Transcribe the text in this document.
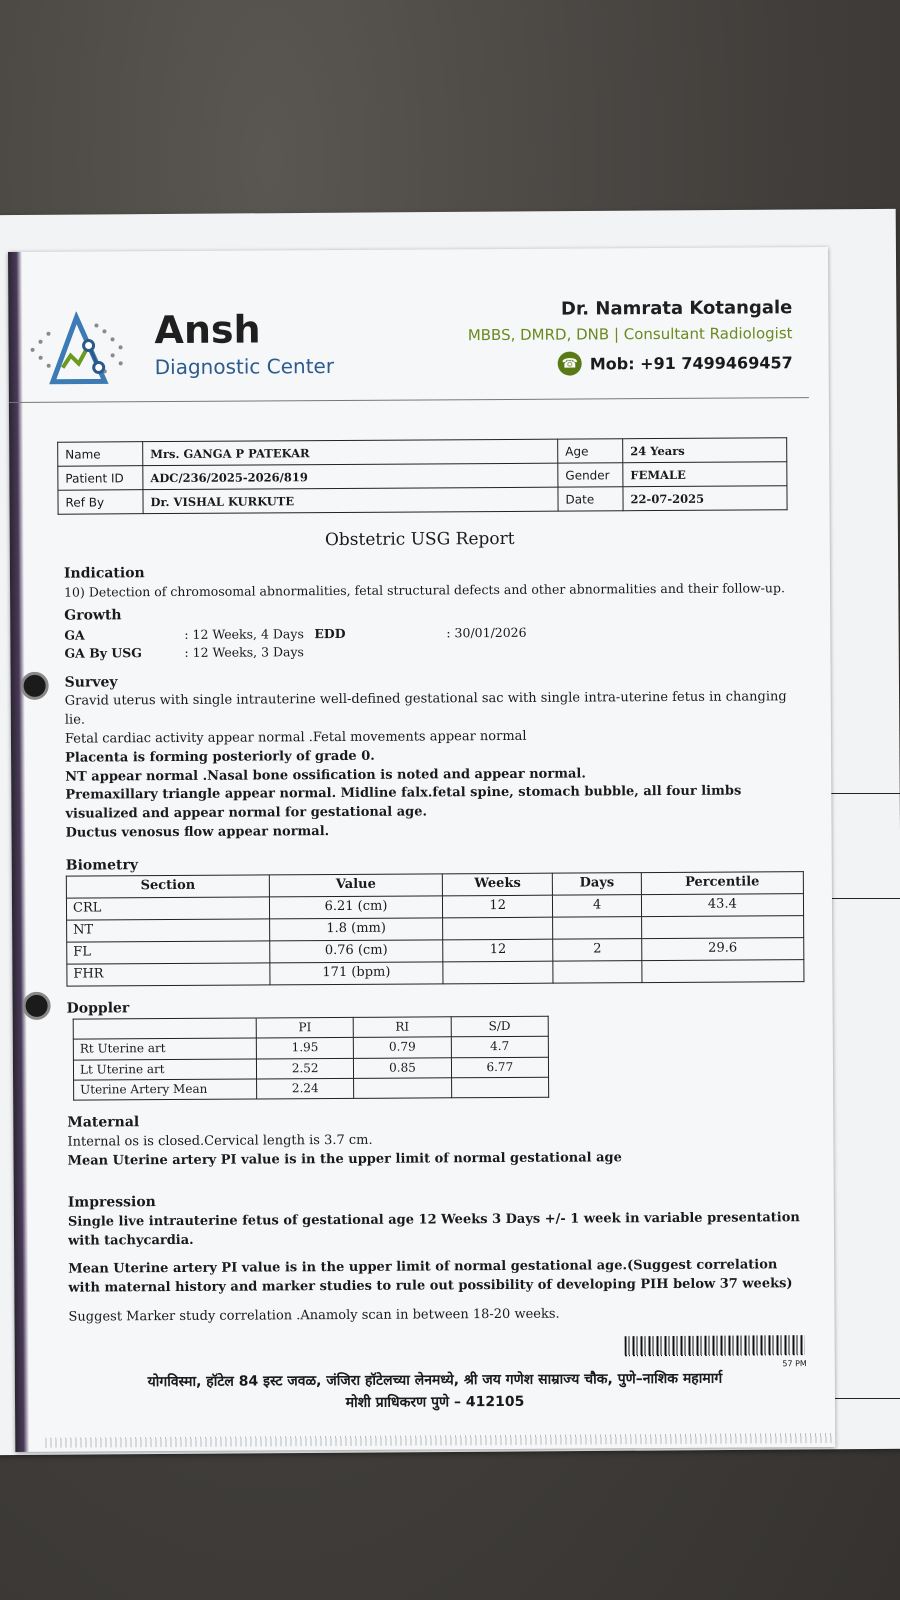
Ansh
Diagnostic Center
Dr. Namrata Kotangale
MBBS, DMRD, DNB | Consultant Radiologist
☎ Mob: +91 7499469457
Name	Mrs. GANGA P PATEKAR	Age	24 Years
Patient ID	ADC/236/2025-2026/819	Gender	FEMALE
Ref By	Dr. VISHAL KURKUTE	Date	22-07-2025
Obstetric USG Report
Indication
10) Detection of chromosomal abnormalities, fetal structural defects and other abnormalities and their follow-up.
Growth
GA	: 12 Weeks, 4 Days EDD	: 30/01/2026
GA By USG	: 12 Weeks, 3 Days
Survey
Gravid uterus with single intrauterine well-defined gestational sac with single intra-uterine fetus in changing lie.
Fetal cardiac activity appear normal .Fetal movements appear normal
Placenta is forming posteriorly of grade 0.
NT appear normal .Nasal bone ossification is noted and appear normal.
Premaxillary triangle appear normal. Midline falx.fetal spine, stomach bubble, all four limbs visualized and appear normal for gestational age.
Ductus venosus flow appear normal.
Biometry
Section	Value	Weeks	Days	Percentile
CRL	6.21 (cm)	12	4	43.4
NT	1.8 (mm)			
FL	0.76 (cm)	12	2	29.6
FHR	171 (bpm)			
Doppler
	PI	RI	S/D
Rt Uterine art	1.95	0.79	4.7
Lt Uterine art	2.52	0.85	6.77
Uterine Artery Mean	2.24		
Maternal
Internal os is closed.Cervical length is 3.7 cm.
Mean Uterine artery PI value is in the upper limit of normal gestational age
Impression
Single live intrauterine fetus of gestational age 12 Weeks 3 Days +/- 1 week in variable presentation with tachycardia.
Mean Uterine artery PI value is in the upper limit of normal gestational age.(Suggest correlation with maternal history and marker studies to rule out possibility of developing PIH below 37 weeks)
Suggest Marker study correlation .Anamoly scan in between 18-20 weeks.
57 PM
योगविस्मा, हॉटेल 84 इस्ट जवळ, जंजिरा हॉटेलच्या लेनमध्ये, श्री जय गणेश साम्राज्य चौक, पुणे–नाशिक महामार्ग
मोशी प्राधिकरण पुणे – 412105
